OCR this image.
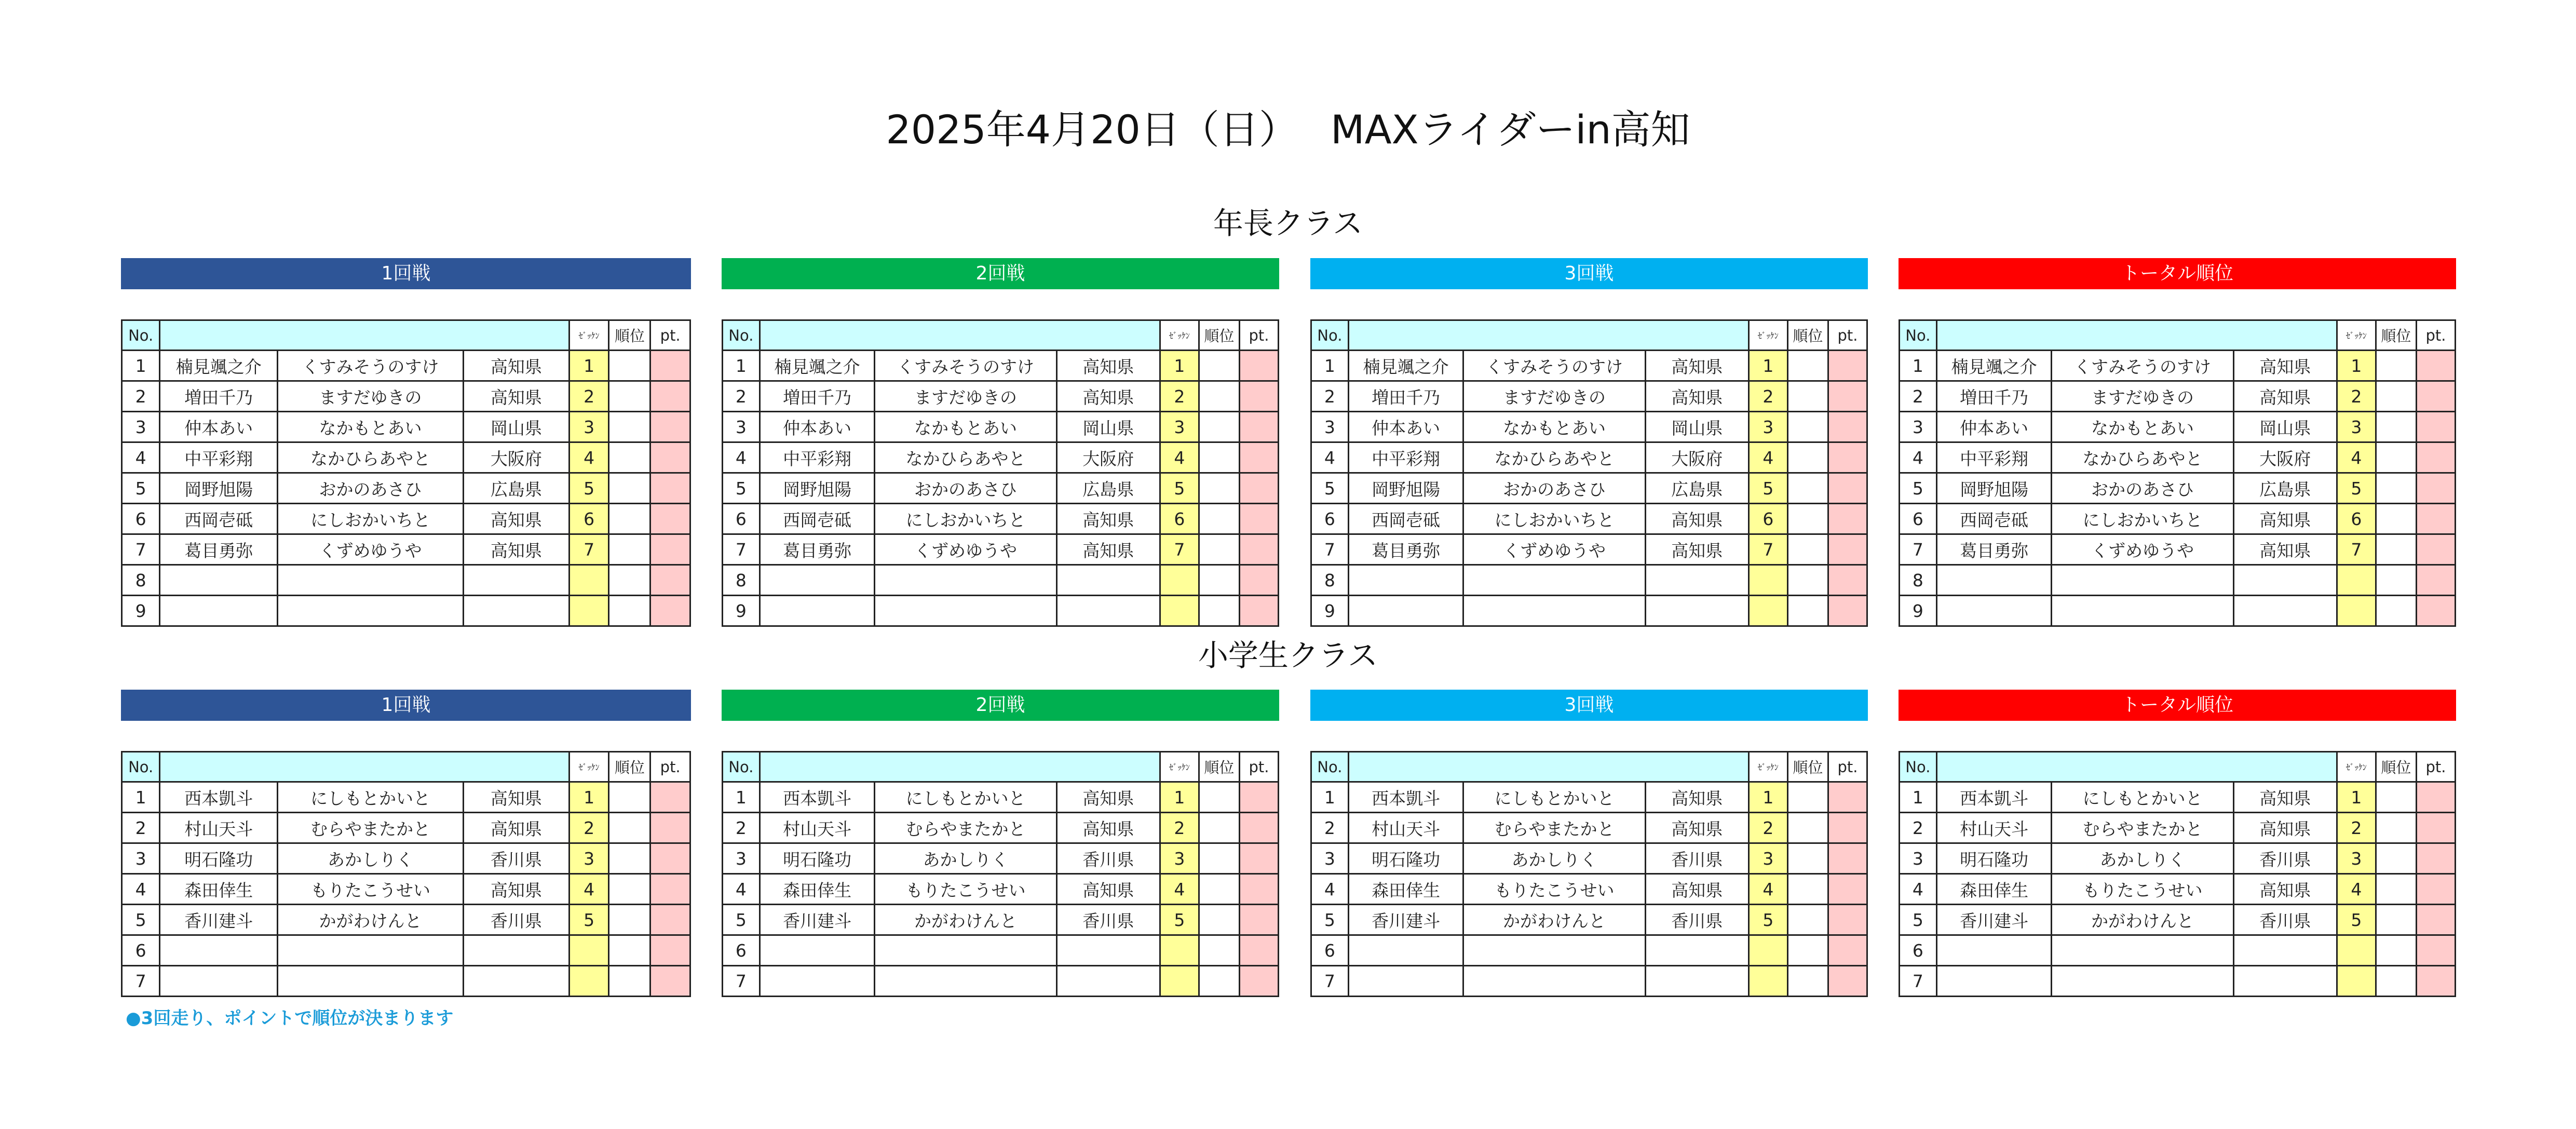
2025年4月20日（日）　 MAXライダーin高知
年長クラス
小学生クラス
●3回走り、ポイントで順位が決まります
1回戦
No.				ｾﾞｯｹﾝ	順位	pt.
1	楠見颯之介	くすみそうのすけ	高知県	1		
2	増田千乃	ますだゆきの	高知県	2		
3	仲本あい	なかもとあい	岡山県	3		
4	中平彩翔	なかひらあやと	大阪府	4		
5	岡野旭陽	おかのあさひ	広島県	5		
6	西岡壱砥	にしおかいちと	高知県	6		
7	葛目勇弥	くずめゆうや	高知県	7		
8						
9						
2回戦
No.				ｾﾞｯｹﾝ	順位	pt.
1	楠見颯之介	くすみそうのすけ	高知県	1		
2	増田千乃	ますだゆきの	高知県	2		
3	仲本あい	なかもとあい	岡山県	3		
4	中平彩翔	なかひらあやと	大阪府	4		
5	岡野旭陽	おかのあさひ	広島県	5		
6	西岡壱砥	にしおかいちと	高知県	6		
7	葛目勇弥	くずめゆうや	高知県	7		
8						
9						
3回戦
No.				ｾﾞｯｹﾝ	順位	pt.
1	楠見颯之介	くすみそうのすけ	高知県	1		
2	増田千乃	ますだゆきの	高知県	2		
3	仲本あい	なかもとあい	岡山県	3		
4	中平彩翔	なかひらあやと	大阪府	4		
5	岡野旭陽	おかのあさひ	広島県	5		
6	西岡壱砥	にしおかいちと	高知県	6		
7	葛目勇弥	くずめゆうや	高知県	7		
8						
9						
トータル順位
No.				ｾﾞｯｹﾝ	順位	pt.
1	楠見颯之介	くすみそうのすけ	高知県	1		
2	増田千乃	ますだゆきの	高知県	2		
3	仲本あい	なかもとあい	岡山県	3		
4	中平彩翔	なかひらあやと	大阪府	4		
5	岡野旭陽	おかのあさひ	広島県	5		
6	西岡壱砥	にしおかいちと	高知県	6		
7	葛目勇弥	くずめゆうや	高知県	7		
8						
9						
1回戦
No.				ｾﾞｯｹﾝ	順位	pt.
1	西本凱斗	にしもとかいと	高知県	1		
2	村山天斗	むらやまたかと	高知県	2		
3	明石隆功	あかしりく	香川県	3		
4	森田倖生	もりたこうせい	高知県	4		
5	香川建斗	かがわけんと	香川県	5		
6						
7						
2回戦
No.				ｾﾞｯｹﾝ	順位	pt.
1	西本凱斗	にしもとかいと	高知県	1		
2	村山天斗	むらやまたかと	高知県	2		
3	明石隆功	あかしりく	香川県	3		
4	森田倖生	もりたこうせい	高知県	4		
5	香川建斗	かがわけんと	香川県	5		
6						
7						
3回戦
No.				ｾﾞｯｹﾝ	順位	pt.
1	西本凱斗	にしもとかいと	高知県	1		
2	村山天斗	むらやまたかと	高知県	2		
3	明石隆功	あかしりく	香川県	3		
4	森田倖生	もりたこうせい	高知県	4		
5	香川建斗	かがわけんと	香川県	5		
6						
7						
トータル順位
No.				ｾﾞｯｹﾝ	順位	pt.
1	西本凱斗	にしもとかいと	高知県	1		
2	村山天斗	むらやまたかと	高知県	2		
3	明石隆功	あかしりく	香川県	3		
4	森田倖生	もりたこうせい	高知県	4		
5	香川建斗	かがわけんと	香川県	5		
6						
7						
